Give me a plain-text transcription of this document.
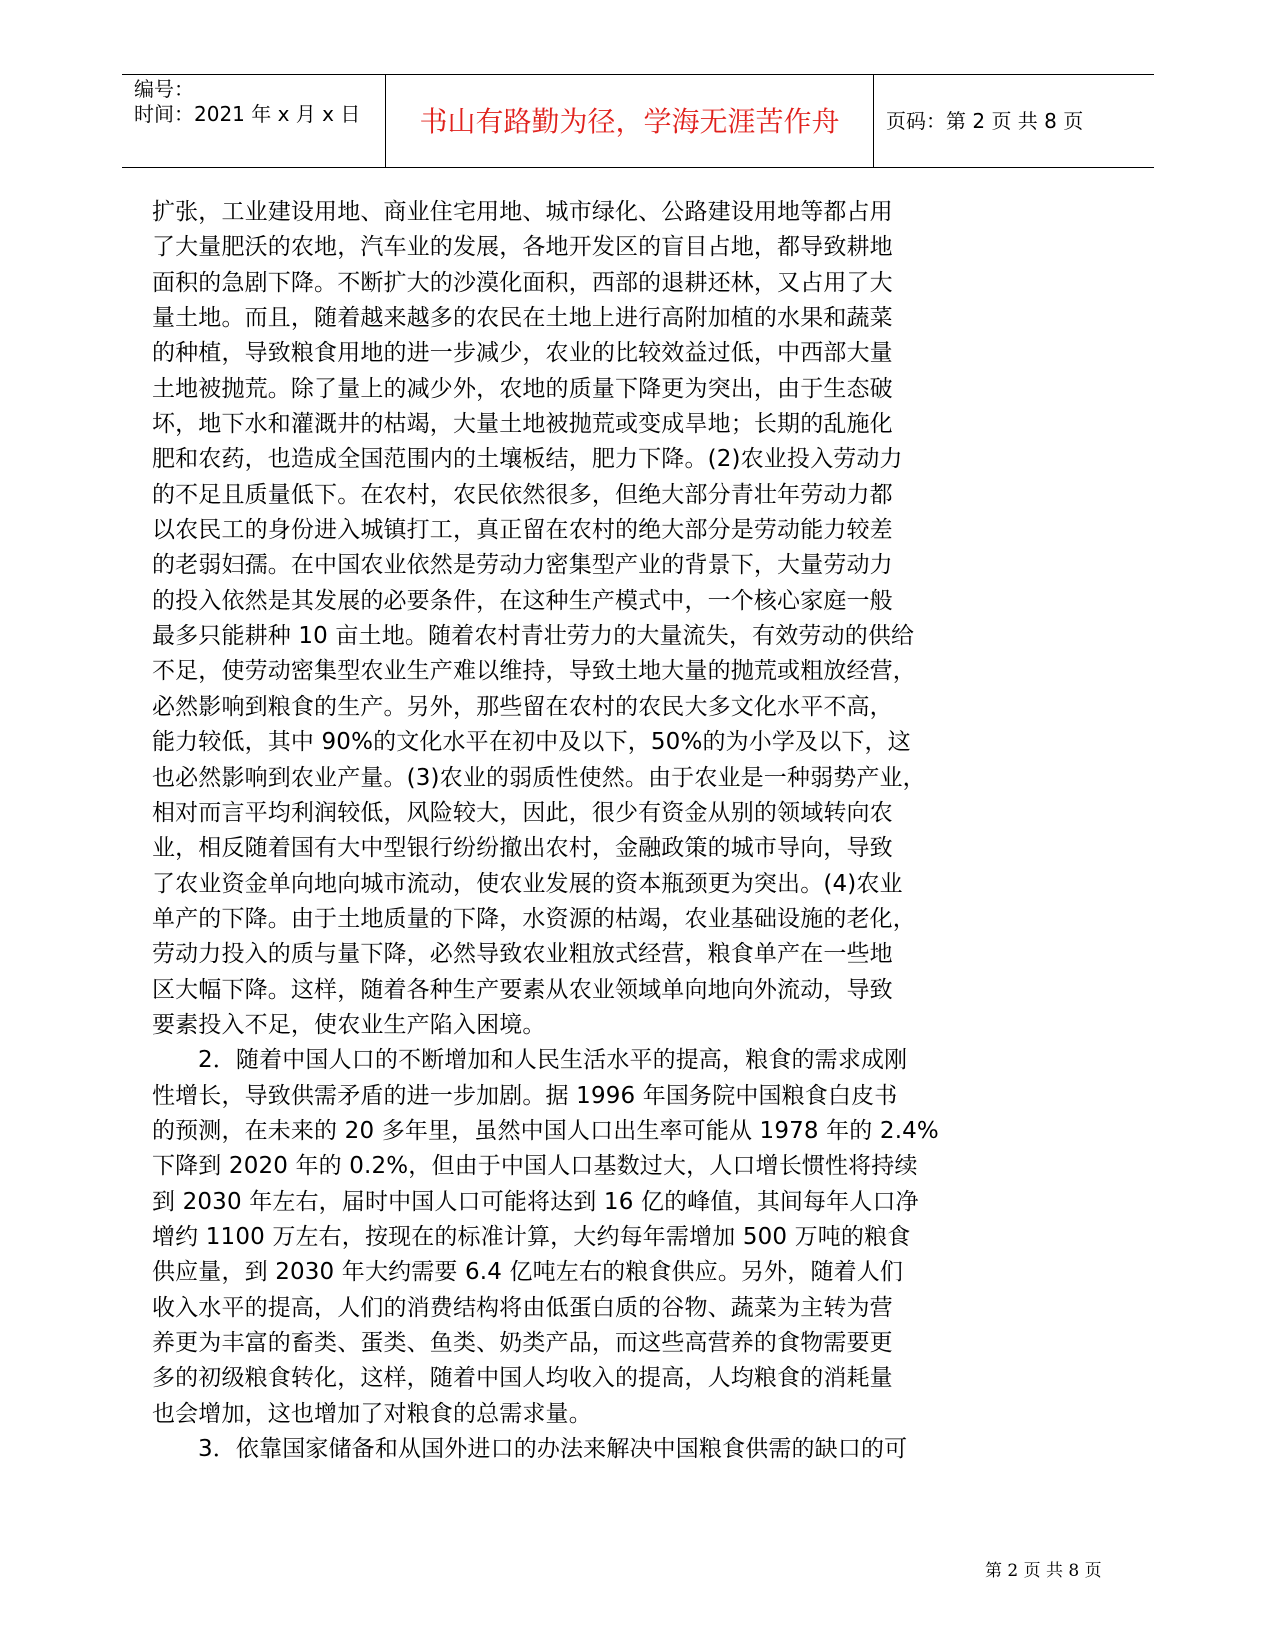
编号：
时间：2021 年 x 月 x 日	书山有路勤为径，学海无涯苦作舟	页码：第 2 页 共 8 页
扩张，工业建设用地、商业住宅用地、城市绿化、公路建设用地等都占用
了大量肥沃的农地，汽车业的发展，各地开发区的盲目占地，都导致耕地
面积的急剧下降。不断扩大的沙漠化面积，西部的退耕还林，又占用了大
量土地。而且，随着越来越多的农民在土地上进行高附加植的水果和蔬菜
的种植，导致粮食用地的进一步减少，农业的比较效益过低，中西部大量
土地被抛荒。除了量上的减少外，农地的质量下降更为突出，由于生态破
坏，地下水和灌溉井的枯竭，大量土地被抛荒或变成旱地；长期的乱施化
肥和农药，也造成全国范围内的土壤板结，肥力下降。(2)农业投入劳动力
的不足且质量低下。在农村，农民依然很多，但绝大部分青壮年劳动力都
以农民工的身份进入城镇打工，真正留在农村的绝大部分是劳动能力较差
的老弱妇孺。在中国农业依然是劳动力密集型产业的背景下，大量劳动力
的投入依然是其发展的必要条件，在这种生产模式中，一个核心家庭一般
最多只能耕种 10 亩土地。随着农村青壮劳力的大量流失，有效劳动的供给
不足，使劳动密集型农业生产难以维持，导致土地大量的抛荒或粗放经营，
必然影响到粮食的生产。另外，那些留在农村的农民大多文化水平不高，
能力较低，其中 90%的文化水平在初中及以下，50%的为小学及以下，这
也必然影响到农业产量。(3)农业的弱质性使然。由于农业是一种弱势产业，
相对而言平均利润较低，风险较大，因此，很少有资金从别的领域转向农
业，相反随着国有大中型银行纷纷撤出农村，金融政策的城市导向，导致
了农业资金单向地向城市流动，使农业发展的资本瓶颈更为突出。(4)农业
单产的下降。由于土地质量的下降，水资源的枯竭，农业基础设施的老化，
劳动力投入的质与量下降，必然导致农业粗放式经营，粮食单产在一些地
区大幅下降。这样，随着各种生产要素从农业领域单向地向外流动，导致
要素投入不足，使农业生产陷入困境。
2．随着中国人口的不断增加和人民生活水平的提高，粮食的需求成刚
性增长，导致供需矛盾的进一步加剧。据 1996 年国务院中国粮食白皮书
的预测，在未来的 20 多年里，虽然中国人口出生率可能从 1978 年的 2.4%
下降到 2020 年的 0.2%，但由于中国人口基数过大，人口增长惯性将持续
到 2030 年左右，届时中国人口可能将达到 16 亿的峰值，其间每年人口净
增约 1100 万左右，按现在的标准计算，大约每年需增加 500 万吨的粮食
供应量，到 2030 年大约需要 6.4 亿吨左右的粮食供应。另外，随着人们
收入水平的提高，人们的消费结构将由低蛋白质的谷物、蔬菜为主转为营
养更为丰富的畜类、蛋类、鱼类、奶类产品，而这些高营养的食物需要更
多的初级粮食转化，这样，随着中国人均收入的提高，人均粮食的消耗量
也会增加，这也增加了对粮食的总需求量。
3．依靠国家储备和从国外进口的办法来解决中国粮食供需的缺口的可
第 2 页 共 8 页
